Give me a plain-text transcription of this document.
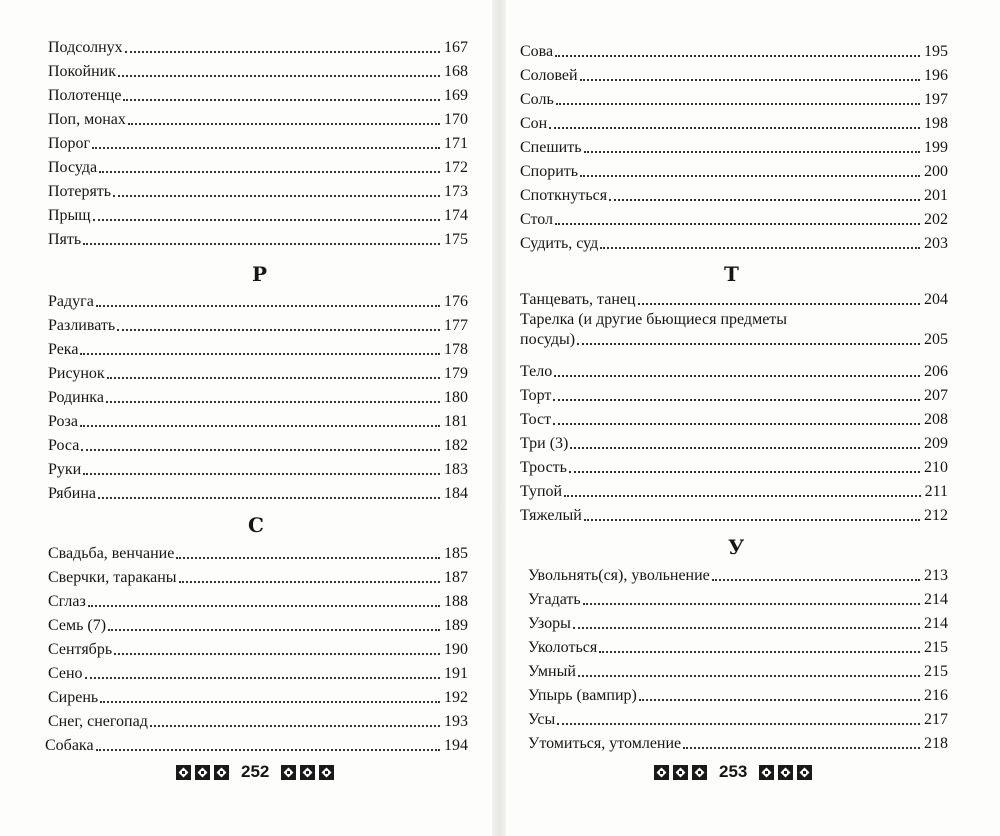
Подсолнух	167
Покойник	168
Полотенце	169
Поп, монах	170
Порог	171
Посуда	172
Потерять	173
Прыщ	174
Пять	175
Р
Радуга	176
Разливать	177
Река	178
Рисунок	179
Родинка	180
Роза	181
Роса	182
Руки	183
Рябина	184
С
Свадьба, венчание	185
Сверчки, тараканы	187
Сглаз	188
Семь (7)	189
Сентябрь	190
Сено	191
Сирень	192
Снег, снегопад	193
Собака	194
252
Сова	195
Соловей	196
Соль	197
Сон	198
Спешить	199
Спорить	200
Споткнуться	201
Стол	202
Судить, суд	203
Т
Танцевать, танец	204
Тарелка (и другие бьющиеся предметы
посуды)	205
Тело	206
Торт	207
Тост	208
Три (3)	209
Трость	210
Тупой	211
Тяжелый	212
У
Увольнять(ся), увольнение	213
Угадать	214
Узоры	214
Уколоться	215
Умный	215
Упырь (вампир)	216
Усы	217
Утомиться, утомление	218
253
